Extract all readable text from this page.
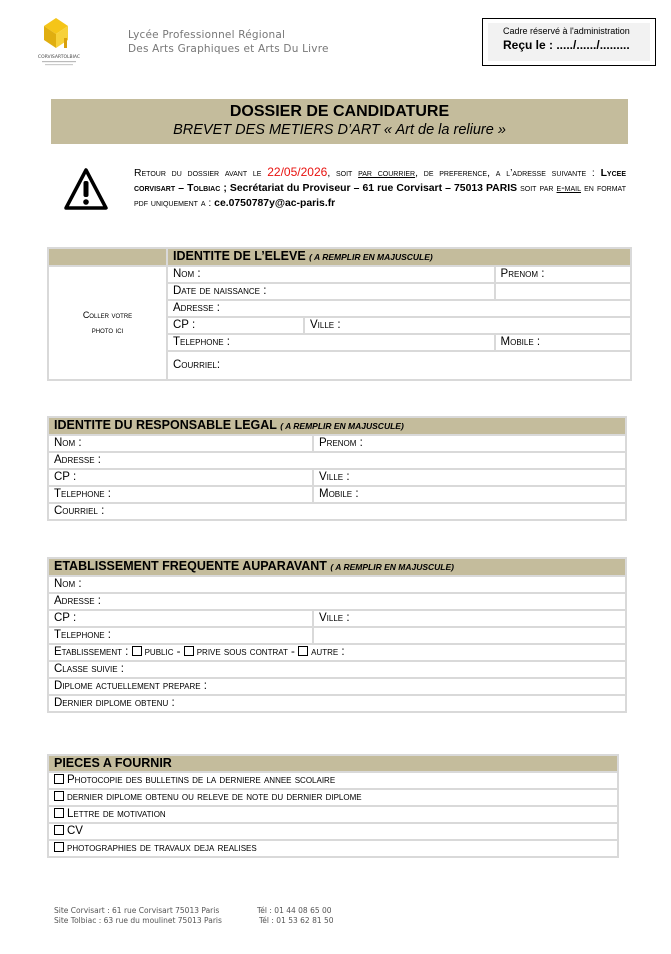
CORVISARTOLBIAC
Lycée Professionnel Régional
Des Arts Graphiques et Arts Du Livre
Cadre réservé à l'administration
Reçu le : ...../....../.........
DOSSIER DE CANDIDATURE
BREVET DES METIERS D’ART « Art de la reliure »
Retour du dossier avant le 22/05/2026, soit par courrier, de preference, a l’adresse suivante : Lycee corvisart – Tolbiac ; Secrétariat du Proviseur – 61 rue Corvisart – 75013 PARIS soit par e-mail en format pdf uniquement a : ce.0750787y@ac-paris.fr
	IDENTITE DE L’ELEVE ( A REMPLIR EN MAJUSCULE)		
Coller votre
photo ici	Nom :		Prenom :
	Date de naissance :		
	Adresse :		
	CP :	Ville :	
	Telephone :		Mobile :
	Courriel:		
IDENTITE DU RESPONSABLE LEGAL ( A REMPLIR EN MAJUSCULE)	
Nom :	Prenom :
Adresse :	
CP :	Ville :
Telephone :	Mobile :
Courriel :	
ETABLISSEMENT FREQUENTE AUPARAVANT ( A REMPLIR EN MAJUSCULE)	
Nom :	
Adresse :	
CP :	Ville :
Telephone :	
Etablissement : public - prive sous contrat - autre :	
Classe suivie :	
Diplome actuellement prepare :	
Dernier diplome obtenu :	
PIECES A FOURNIR
Photocopie des bulletins de la derniere annee scolaire
dernier diplome obtenu ou releve de note du dernier diplome
Lettre de motivation
CV
photographies de travaux deja realises
Site Corvisart : 61 rue Corvisart 75013 Paris	Tél : 01 44 08 65 00
Site Tolbiac : 63 rue du moulinet 75013 Paris	Tél : 01 53 62 81 50
